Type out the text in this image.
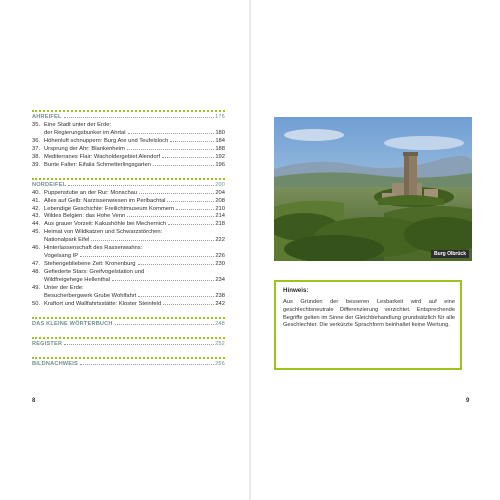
AHREIFEL	176
35. Eine Stadt unter der Erde:
der Regierungsbunker im Ahrtal	180
36. Höhenluft schnuppern: Burg Are und Teufelsloch	184
37. Ursprung der Ahr: Blankenheim	188
38. Mediterranes Flair: Wacholdergebiet Alendorf	192
39. Bunte Falter: Eifalia Schmetterlingsgarten	196
NORDEIFEL	200
40. Puppenstube an der Rur: Monschau	204
41. Alles auf Gelb: Narzissenwiesen im Perlbachtal	208
42. Lebendige Geschichte: Freilichtmuseum Kommern	210
43. Wildes Belgien: das Hohe Venn	214
44. Aus grauer Vorzeit: Kakushöhle bei Mechernich	218
45. Heimat von Wildkatzen und Schwarzstörchen:
Nationalpark Eifel	222
46. Hinterlassenschaft des Rassenwahns:
Vogelsang IP	226
47. Stehengebliebene Zeit: Kronenburg	230
48. Gefiederte Stars: Greifvogelstation und
Wildfreigehege Hellenthal	234
49. Unter der Erde:
Besucherbergwerk Grube Wohlfahrt	238
50. Kraftort und Wallfahrtsstätte: Kloster Steinfeld	242
DAS KLEINE WÖRTERBUCH	248
REGISTER	252
BILDNACHWEIS	256
8	9
Burg Olbrück
Hinweis:
Aus Gründen der besseren Lesbarkeit wird auf eine geschlechtsneutrale Differenzierung verzichtet. Entsprechende Begriffe gelten im Sinne der Gleichbehandlung grundsätzlich für alle Geschlechter. Die verkürzte Sprachform beinhaltet keine Wertung.
